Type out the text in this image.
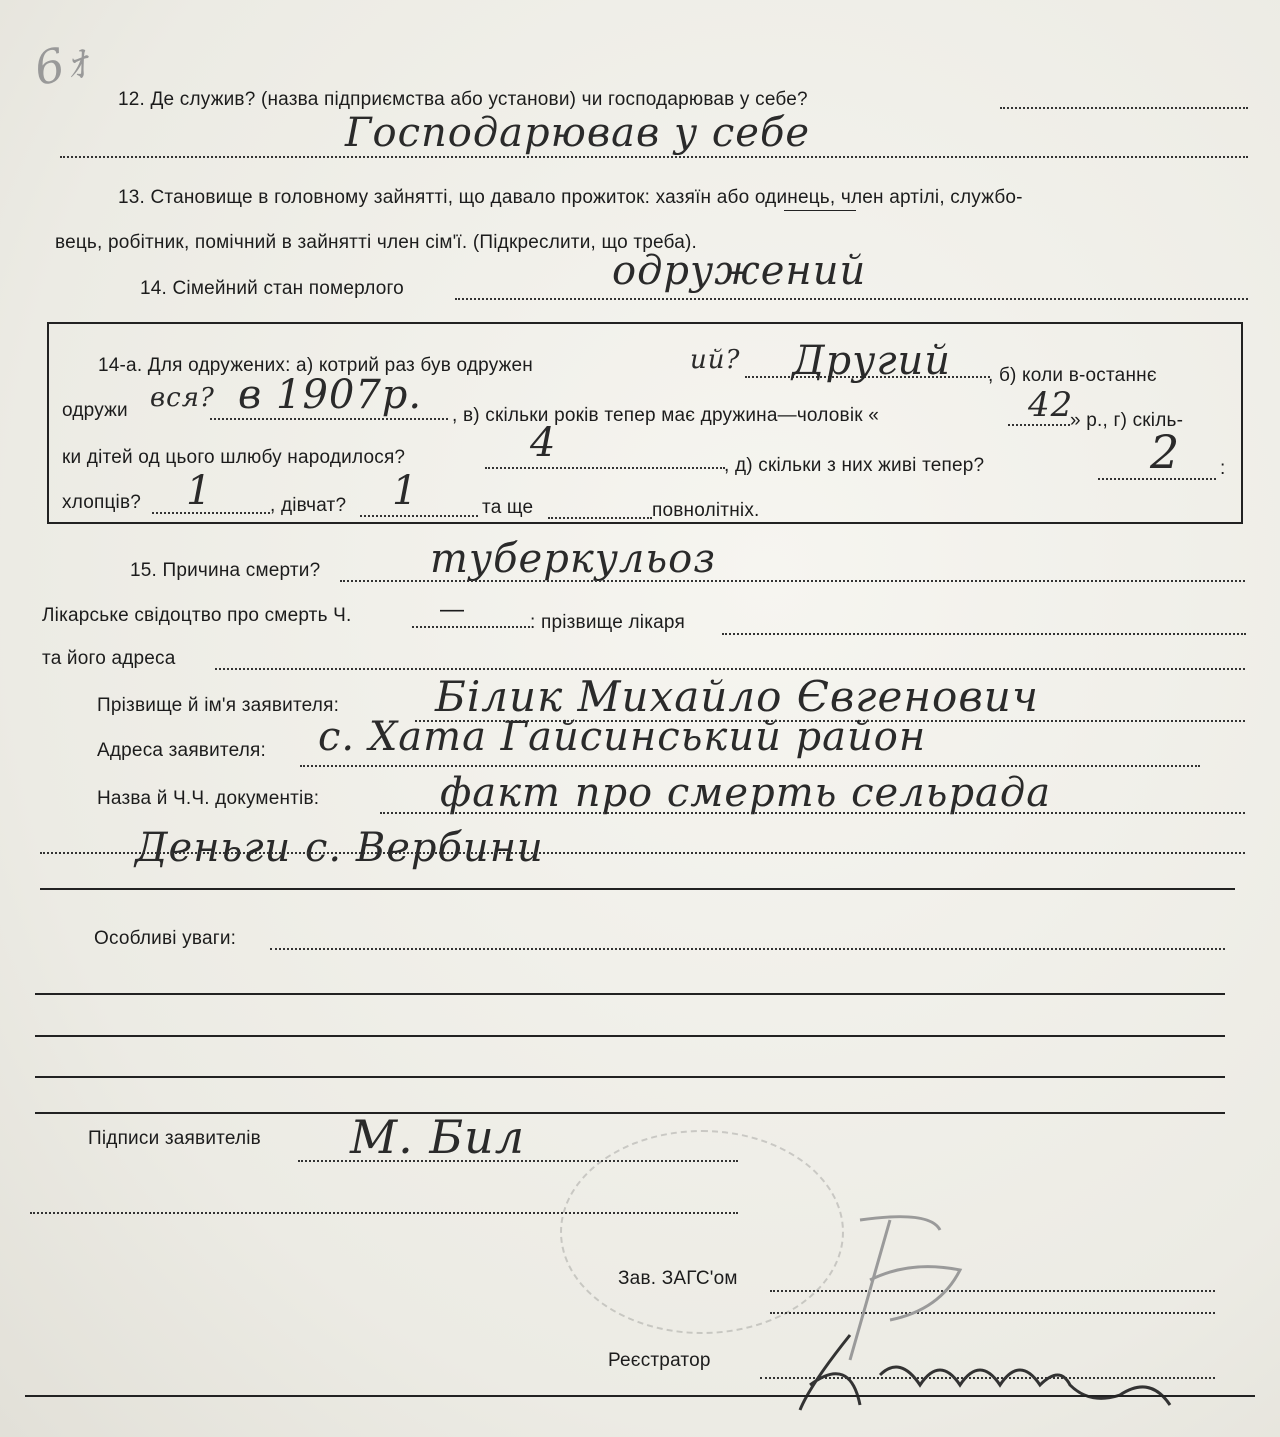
6ｫ
12. Де служив? (назва підприємства або установи) чи господарював у себе?
Господарював у себе
13. Становище в головному зайнятті, що давало прожиток: хазяїн або одинець, член артілі, службо-
вець, робітник, помічний в зайнятті член сім'ї. (Підкреслити, що треба).
14. Сімейний стан померлого	одружений
14-а. Для одружених: а) котрий раз був одружен	ий? Другий , б) коли в-останнє
одружи вся? в 1907р. , в) скільки років тепер має дружина—чоловік «	42
» р., г) скіль-
ки дітей од цього шлюбу народилося?	4	, д) скільки з них живі тепер?	2 :
хлопців? 1	, дівчат? 1	та ще	повнолітніх.
15. Причина смерти?	туберкульоз
Лікарське свідоцтво про смерть Ч.	—	: прізвище лікаря
та його адреса
Прізвище й ім'я заявителя: Білик Михайло Євгенович
Адреса заявителя: с. Хата Гайсинський район
Назва й Ч.Ч. документів:	факт про смерть сельрада
Деньги с. Вербини
Особливі уваги:
Підписи заявителів М. Бил
Зав. ЗАГС'ом
Реєстратор
